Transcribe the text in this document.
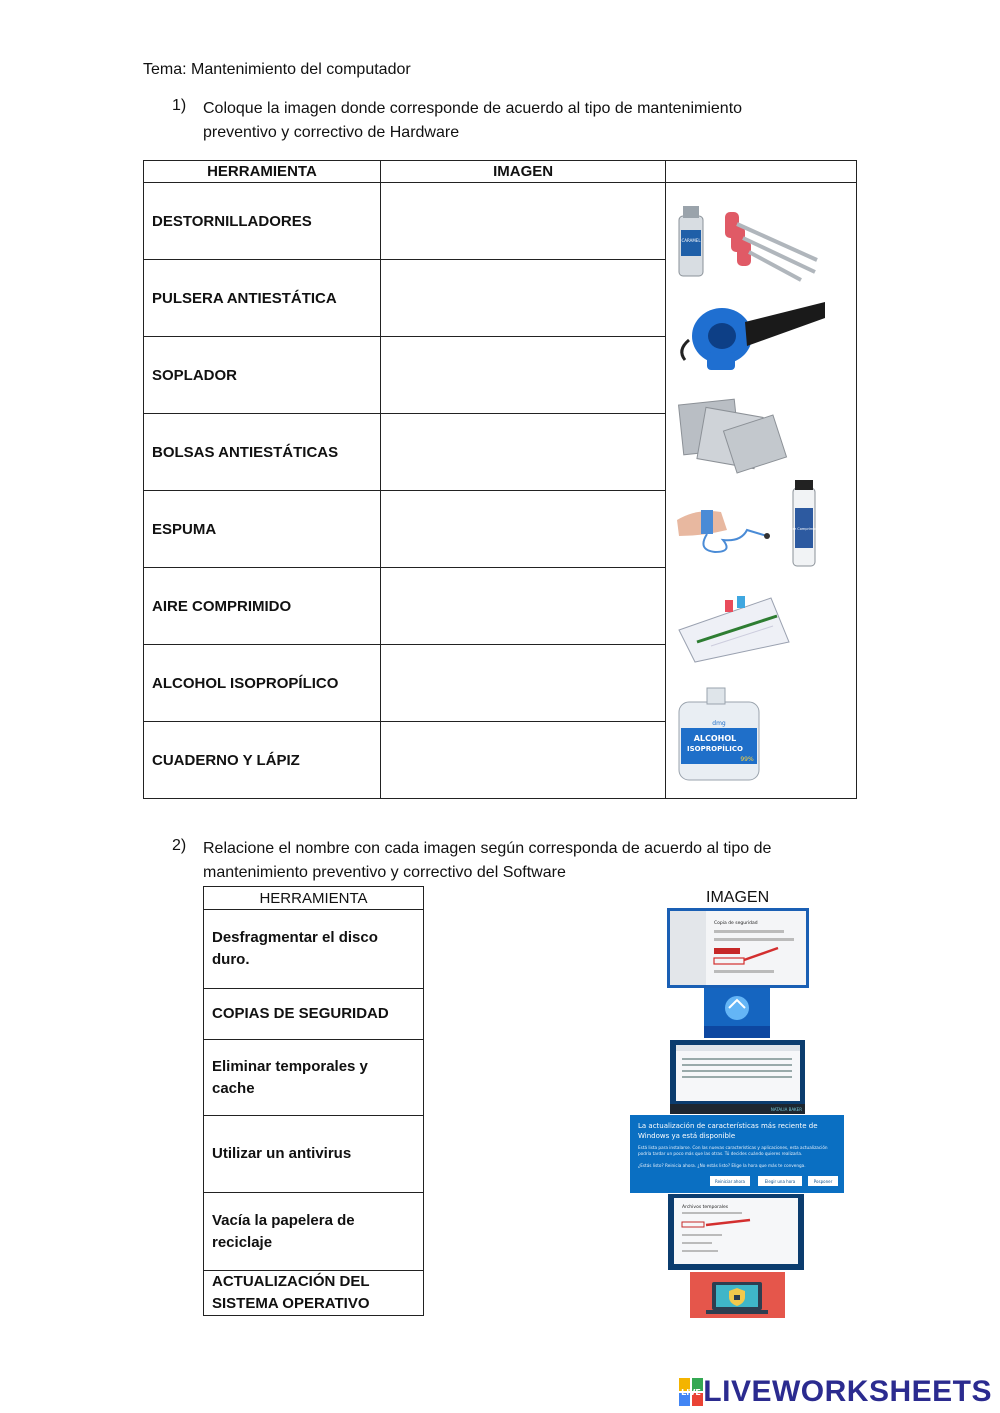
Tema: Mantenimiento del computador
1) Coloque la imagen donde corresponde de acuerdo al tipo de mantenimiento
preventivo y correctivo de Hardware
HERRAMIENTA	IMAGEN	
DESTORNILLADORES		
PULSERA ANTIESTÁTICA		
SOPLADOR		
BOLSAS ANTIESTÁTICAS		
ESPUMA		
AIRE COMPRIMIDO		
ALCOHOL ISOPROPÍLICO		
CUADERNO Y LÁPIZ		
CARAMEL
Aire Comprimido
dmg
ALCOHOL
ISOPROPÍLICO
99%
2) Relacione el nombre con cada imagen según corresponda de acuerdo al tipo de
mantenimiento preventivo y correctivo del Software
HERRAMIENTA

Desfragmentar el disco
duro.

COPIAS DE SEGURIDAD

Eliminar temporales y
cache

Utilizar un antivirus

Vacía la papelera de
reciclaje

ACTUALIZACIÓN DEL
SISTEMA OPERATIVO
IMAGEN
Copia de seguridad
NATALIA BAKER
La actualización de características más reciente de
Windows ya está disponible
Está lista para instalarse. Con las nuevas características y aplicaciones, esta actualización
podría tardar un poco más que las otras. Tú decides cuándo quieres realizarla.
¿Estás listo? Reinicia ahora. ¿No estás listo? Elige la hora que más te convenga.
Reiniciar ahora	Elegir una hora	Posponer
Archivos temporales
LIVE LIVEWORKSHEETS
